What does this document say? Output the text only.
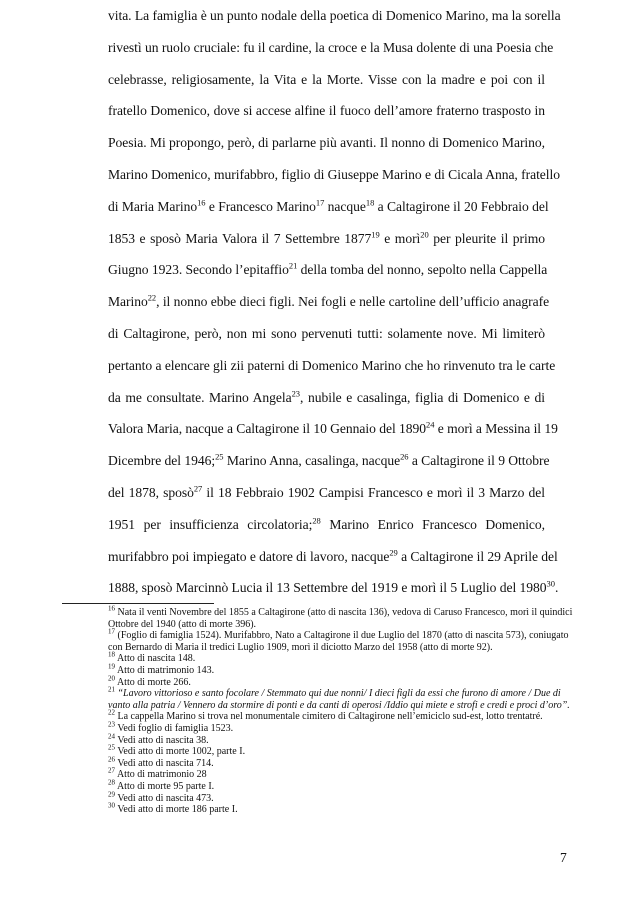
vita. La famiglia è un punto nodale della poetica di Domenico Marino, ma la sorella
rivestì un ruolo cruciale: fu il cardine, la croce e la Musa dolente di una Poesia che
celebrasse, religiosamente, la Vita e la Morte. Visse con la madre e poi con il
fratello Domenico, dove si accese alfine il fuoco dell’amore fraterno trasposto in
Poesia. Mi propongo, però, di parlarne più avanti. Il nonno di Domenico Marino,
Marino Domenico, murifabbro, figlio di Giuseppe Marino e di Cicala Anna, fratello
di Maria Marino$^{16}$ e Francesco Marino$^{17}$ nacque$^{18}$ a Caltagirone il 20 Febbraio del
1853 e sposò Maria Valora il 7 Settembre 1877$^{19}$ e morì$^{20}$ per pleurite il primo
Giugno 1923. Secondo l’epitaffio$^{21}$ della tomba del nonno, sepolto nella Cappella
Marino$^{22}$, il nonno ebbe dieci figli. Nei fogli e nelle cartoline dell’ufficio anagrafe
di Caltagirone, però, non mi sono pervenuti tutti: solamente nove. Mi limiterò
pertanto a elencare gli zii paterni di Domenico Marino che ho rinvenuto tra le carte
da me consultate. Marino Angela$^{23}$, nubile e casalinga, figlia di Domenico e di
Valora Maria, nacque a Caltagirone il 10 Gennaio del 1890$^{24}$ e morì a Messina il 19
Dicembre del 1946;$^{25}$ Marino Anna, casalinga, nacque$^{26}$ a Caltagirone il 9 Ottobre
del 1878, sposò$^{27}$ il 18 Febbraio 1902 Campisi Francesco e morì il 3 Marzo del
1951 per insufficienza circolatoria;$^{28}$ Marino Enrico Francesco Domenico,
murifabbro poi impiegato e datore di lavoro, nacque$^{29}$ a Caltagirone il 29 Aprile del
1888, sposò Marcinnò Lucia il 13 Settembre del 1919 e morì il 5 Luglio del 1980$^{30}$.
$^{16}$ Nata il venti Novembre del 1855 a Caltagirone (atto di nascita 136), vedova di Caruso Francesco, morì il quindici Ottobre del 1940 (atto di morte 396).
$^{17}$ (Foglio di famiglia 1524). Murifabbro, Nato a Caltagirone il due Luglio del 1870 (atto di nascita 573), coniugato con Bernardo di Maria il tredici Luglio 1909, morì il diciotto Marzo del 1958 (atto di morte 92).
$^{18}$ Atto di nascita 148.
$^{19}$ Atto di matrimonio 143.
$^{20}$ Atto di morte 266.
$^{21}$ “Lavoro vittorioso e santo focolare / Stemmato qui due nonni/ I dieci figli da essi che furono di amore / Due di vanto alla patria / Vennero da stormire di ponti e da canti di operosi /Iddio qui miete e strofi e credi e proci d’oro”.
$^{22}$ La cappella Marino si trova nel monumentale cimitero di Caltagirone nell’emiciclo sud-est, lotto trentatré.
$^{23}$ Vedi foglio di famiglia 1523.
$^{24}$ Vedi atto di nascita 38.
$^{25}$ Vedi atto di morte 1002, parte I.
$^{26}$ Vedi atto di nascita 714.
$^{27}$ Atto di matrimonio 28
$^{28}$ Atto di morte 95 parte I.
$^{29}$ Vedi atto di nascita 473.
$^{30}$ Vedi atto di morte 186 parte I.
7
